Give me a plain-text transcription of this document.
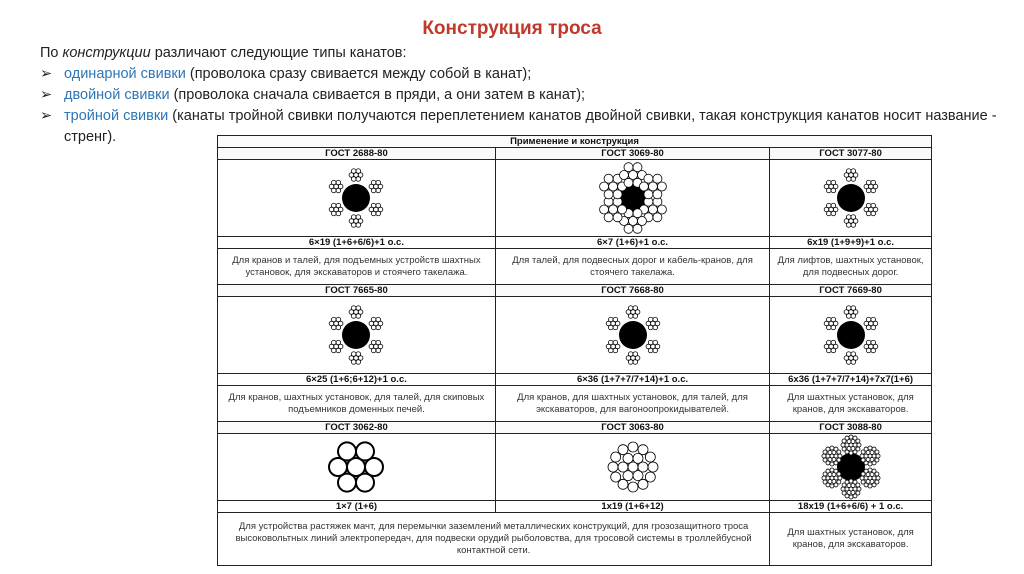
Конструкция троса
По конструкции различают следующие типы канатов:
➢ одинарной свивки (проволока сразу свивается между собой в канат);
➢ двойной свивки (проволока сначала свивается в пряди, а они затем в канат);
➢ тройной свивки (канаты тройной свивки получаются переплетением канатов двойной свивки, такая конструкция канатов носит название - стренг).	Применение и конструкция		
ГОСТ 2688-80	ГОСТ 3069-80	ГОСТ 3077-80

6×19 (1+6+6/6)+1 о.с.	6×7 (1+6)+1 о.с.	6x19 (1+9+9)+1 о.с.
Для кранов и талей, для подъемных устройств шахтных установок, для экскаваторов и стоячего такелажа.	Для талей, для подвесных дорог и кабель-кранов, для стоячего такелажа.	Для лифтов, шахтных установок, для подвесных дорог.
ГОСТ 7665-80	ГОСТ 7668-80	ГОСТ 7669-80

6×25 (1+6;6+12)+1 о.с.	6×36 (1+7+7/7+14)+1 о.с.	6x36 (1+7+7/7+14)+7x7(1+6)
Для кранов, шахтных установок, для талей, для скиповых подъемников доменных печей.	Для кранов, для шахтных установок, для талей, для экскаваторов, для вагоноопрокидывателей.	Для шахтных установок, для кранов, для экскаваторов.
ГОСТ 3062-80	ГОСТ 3063-80	ГОСТ 3088-80

1×7 (1+6)	1x19 (1+6+12)	18x19 (1+6+6/6) + 1 о.с.
Для устройства растяжек мачт, для перемычки заземлений металлических конструкций, для грозозащитного троса высоковольтных линий электропередач, для подвески орудий рыболовства, для тросовой системы в троллейбусной контактной сети.		Для шахтных установок, для кранов, для экскаваторов.
